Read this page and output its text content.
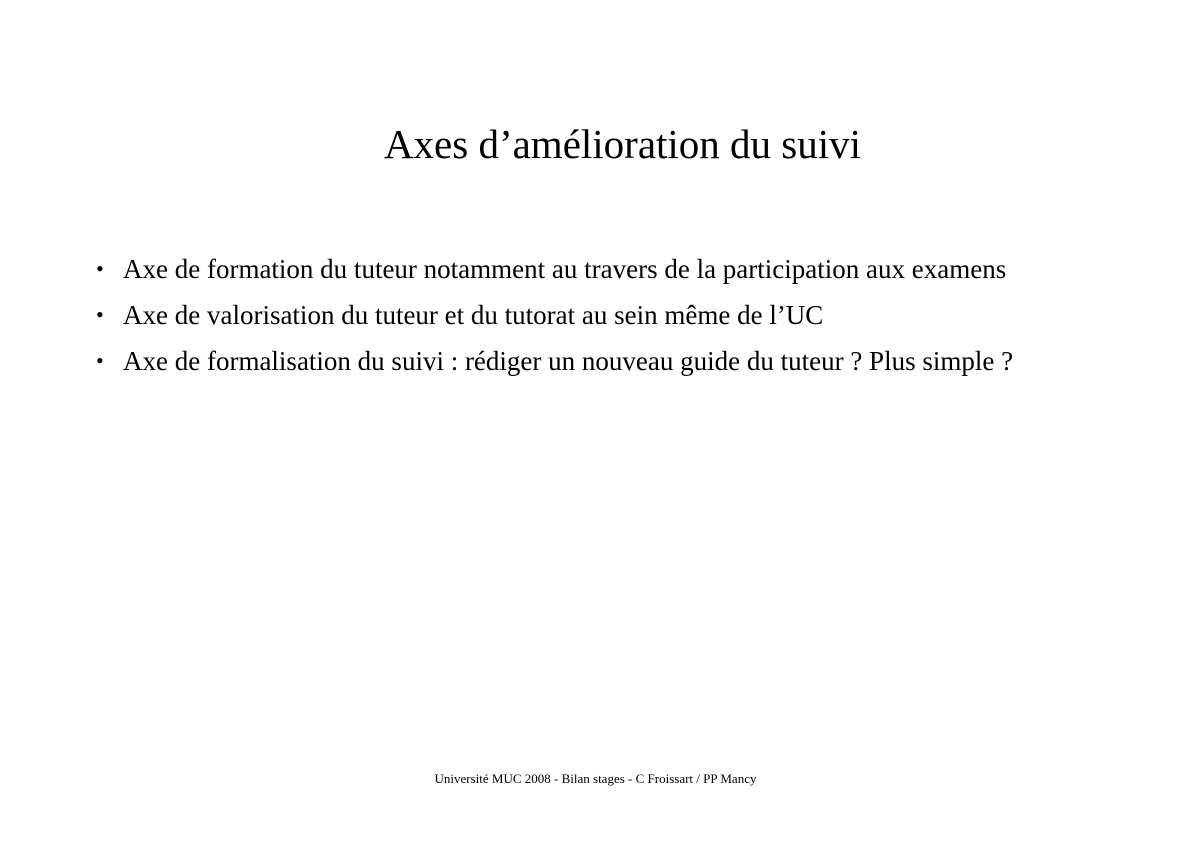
Axes d’amélioration du suivi
• Axe de formation du tuteur notamment au travers de la participation aux examens
• Axe de valorisation du tuteur et du tutorat au sein même de l’UC
• Axe de formalisation du suivi : rédiger un nouveau guide du tuteur ? Plus simple ?
Université MUC 2008 - Bilan stages - C Froissart / PP Mancy
